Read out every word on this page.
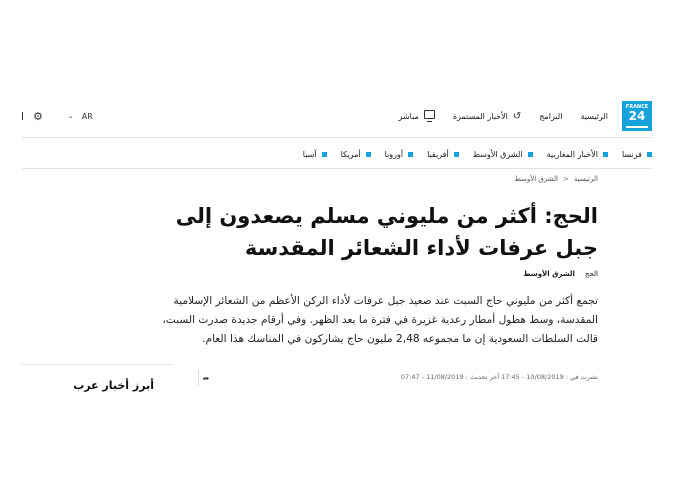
FRANCE
24
الرئيسية
البرامج
↺
الأخبار المستمرة
مباشر
⚙	⌄ AR
فرنسا
الأخبار المغاربية
الشرق الأوسط
أفريقيا
أوروبا
أمريكا
آسيا
الرئيسية
>
الشرق الأوسط
الحج: أكثر من مليوني مسلم يصعدون إلى جبل عرفات لأداء الشعائر المقدسة
الحج
الشرق الأوسط

تجمع أكثر من مليوني حاج السبت عند صعيد جبل عرفات لأداء الركن الأعظم من الشعائر الإسلامية المقدسة، وسط هطول أمطار رعدية غزيرة في فترة ما بعد الظهر. وفي أرقام جديدة صدرت السبت، قالت السلطات السعودية إن ما مجموعه 2,48 مليون حاج يشاركون في المناسك هذا العام.

نشرت في : 10/08/2019 - 17:45 آخر تحديث : 11/08/2019 - 07:47
➦
أبرز أخبار عرب
